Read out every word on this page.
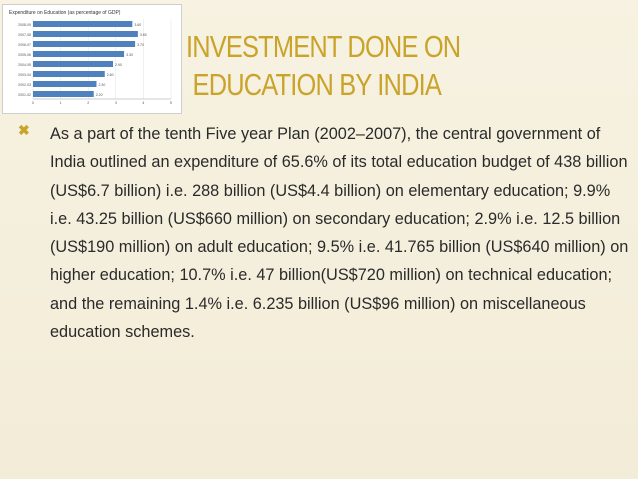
Expenditure on Education (as percentage of GDP)
2008-09	3.60
2007-08	3.80
2006-07	3.70
2005-06	3.30
2004-05	2.90
2003-04	2.60
2002-03	2.30
2001-02	2.20
0	1	2	3	4	5
INVESTMENT DONE ON
EDUCATION BY INDIA
✖ As a part of the tenth Five year Plan (2002–2007), the central government of India outlined an expenditure of 65.6% of its total education budget of 438 billion (US$6.7 billion) i.e. 288 billion (US$4.4 billion) on elementary education; 9.9% i.e. 43.25 billion (US$660 million) on secondary education; 2.9% i.e. 12.5 billion (US$190 million) on adult education; 9.5% i.e. 41.765 billion (US$640 million) on higher education; 10.7% i.e. 47 billion(US$720 million) on technical education; and the remaining 1.4% i.e. 6.235 billion (US$96 million) on miscellaneous education schemes.
